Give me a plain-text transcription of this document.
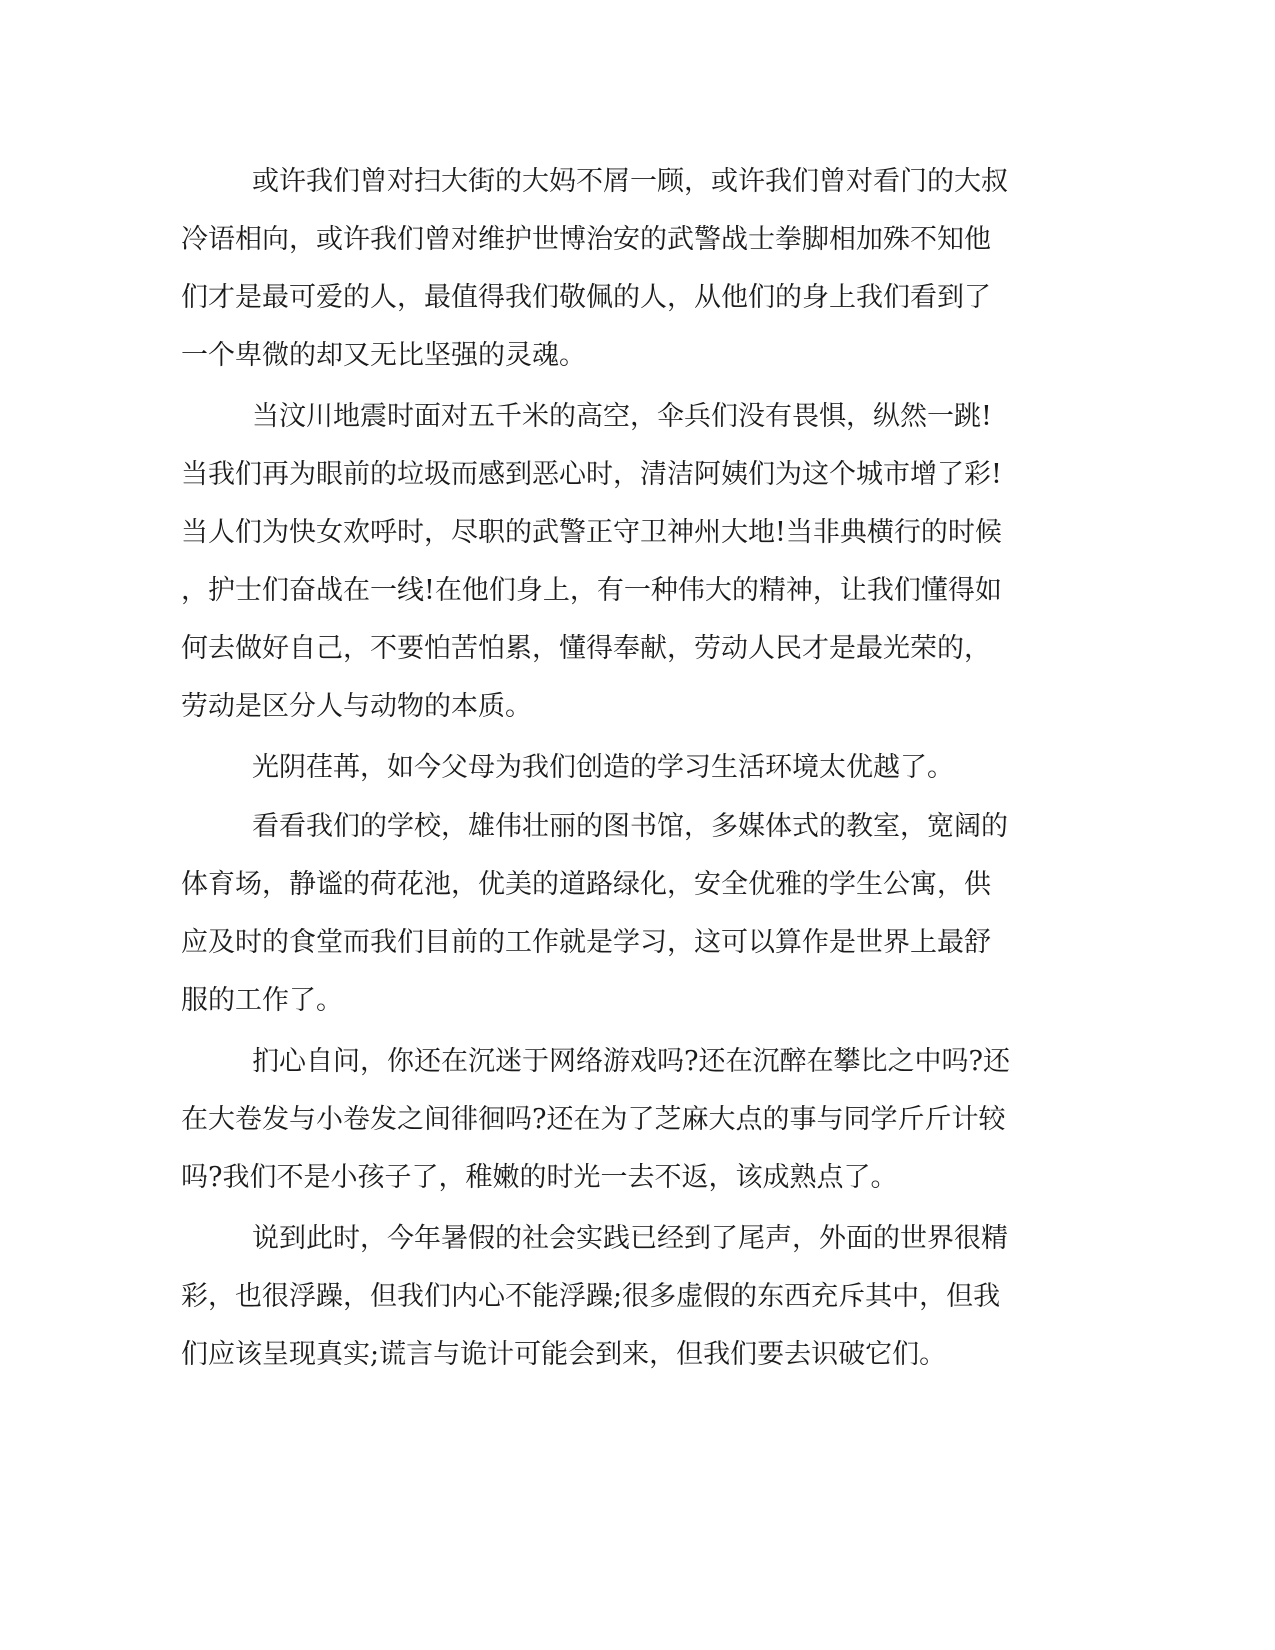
或许我们曾对扫大街的大妈不屑一顾，或许我们曾对看门的大叔

冷语相向，或许我们曾对维护世博治安的武警战士拳脚相加殊不知他

们才是最可爱的人，最值得我们敬佩的人，从他们的身上我们看到了

一个卑微的却又无比坚强的灵魂。

当汶川地震时面对五千米的高空，伞兵们没有畏惧，纵然一跳!

当我们再为眼前的垃圾而感到恶心时，清洁阿姨们为这个城市增了彩!

当人们为快女欢呼时，尽职的武警正守卫神州大地!当非典横行的时候

，护士们奋战在一线!在他们身上，有一种伟大的精神，让我们懂得如

何去做好自己，不要怕苦怕累，懂得奉献，劳动人民才是最光荣的，

劳动是区分人与动物的本质。

光阴荏苒，如今父母为我们创造的学习生活环境太优越了。

看看我们的学校，雄伟壮丽的图书馆，多媒体式的教室，宽阔的

体育场，静谧的荷花池，优美的道路绿化，安全优雅的学生公寓，供

应及时的食堂而我们目前的工作就是学习，这可以算作是世界上最舒

服的工作了。

扪心自问，你还在沉迷于网络游戏吗?还在沉醉在攀比之中吗?还

在大卷发与小卷发之间徘徊吗?还在为了芝麻大点的事与同学斤斤计较

吗?我们不是小孩子了，稚嫩的时光一去不返，该成熟点了。

说到此时，今年暑假的社会实践已经到了尾声，外面的世界很精

彩，也很浮躁，但我们内心不能浮躁;很多虚假的东西充斥其中，但我

们应该呈现真实;谎言与诡计可能会到来，但我们要去识破它们。
